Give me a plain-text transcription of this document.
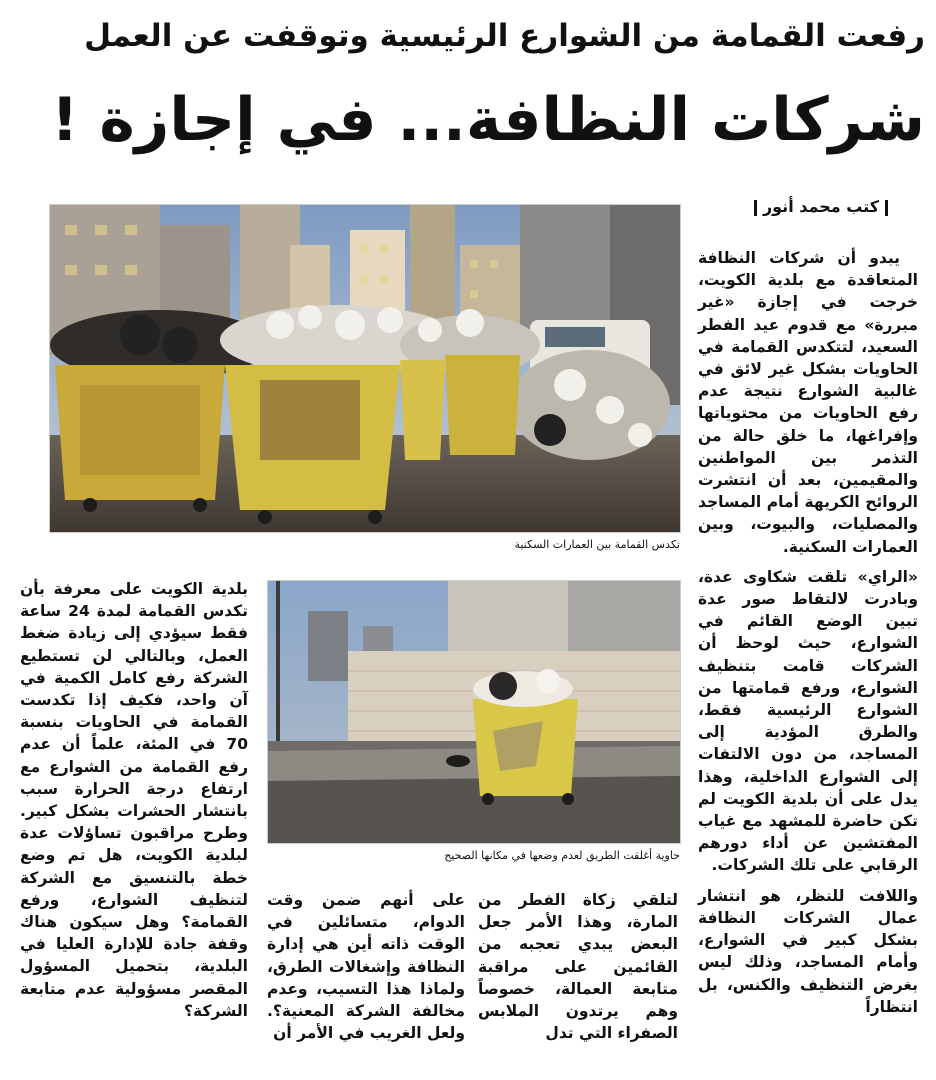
رفعت القمامة من الشوارع الرئيسية وتوقفت عن العمل
شركات النظافة... في إجازة !
كتب محمد أنور
تكدس القمامة بين العمارات السكنية

يبدو أن شركات النظافة المتعاقدة مع بلدية الكويت، خرجت في إجازة «غير مبررة» مع قدوم عيد الفطر السعيد، لتتكدس القمامة في الحاويات بشكل غير لائق في غالبية الشوارع نتيجة عدم رفع الحاويات من محتوياتها وإفراغها، ما خلق حالة من التذمر بين المواطنين والمقيمين، بعد أن انتشرت الروائح الكريهة أمام المساجد والمصليات، والبيوت، وبين العمارات السكنية.

«الراي» تلقت شكاوى عدة، وبادرت لالتقاط صور عدة تبين الوضع القائم في الشوارع، حيث لوحظ أن الشركات قامت بتنظيف الشوارع، ورفع قمامتها من الشوارع الرئيسية فقط، والطرق المؤدية إلى المساجد، من دون الالتفات إلى الشوارع الداخلية، وهذا يدل على أن بلدية الكويت لم تكن حاضرة للمشهد مع غياب المفتشين عن أداء دورهم الرقابي على تلك الشركات.

واللافت للنظر، هو انتشار عمال الشركات النظافة بشكل كبير في الشوارع، وأمام المساجد، وذلك ليس بغرض التنظيف والكنس، بل انتظاراً

حاوية أغلقت الطريق لعدم وضعها في مكانها الصحيح

بلدية الكويت على معرفة بأن تكدس القمامة لمدة 24 ساعة فقط سيؤدي إلى زيادة ضغط العمل، وبالتالي لن تستطيع الشركة رفع كامل الكمية في آن واحد، فكيف إذا تكدست القمامة في الحاويات بنسبة 70 في المئة، علماً أن عدم رفع القمامة من الشوارع مع ارتفاع درجة الحرارة سبب بانتشار الحشرات بشكل كبير. وطرح مراقبون تساؤلات عدة لبلدية الكويت، هل تم وضع خطة بالتنسيق مع الشركة لتنظيف الشوارع، ورفع القمامة؟ وهل سيكون هناك وقفة جادة للإدارة العليا في البلدية، بتحميل المسؤول المقصر مسؤولية عدم متابعة الشركة؟

لتلقي زكاة الفطر من المارة، وهذا الأمر جعل البعض يبدي تعجبه من القائمين على مراقبة متابعة العمالة، خصوصاً وهم يرتدون الملابس الصفراء التي تدل

على أنهم ضمن وقت الدوام، متسائلين في الوقت ذاته أين هي إدارة النظافة وإشغالات الطرق، ولماذا هذا التسيب، وعدم مخالفة الشركة المعنية؟. ولعل الغريب في الأمر أن
